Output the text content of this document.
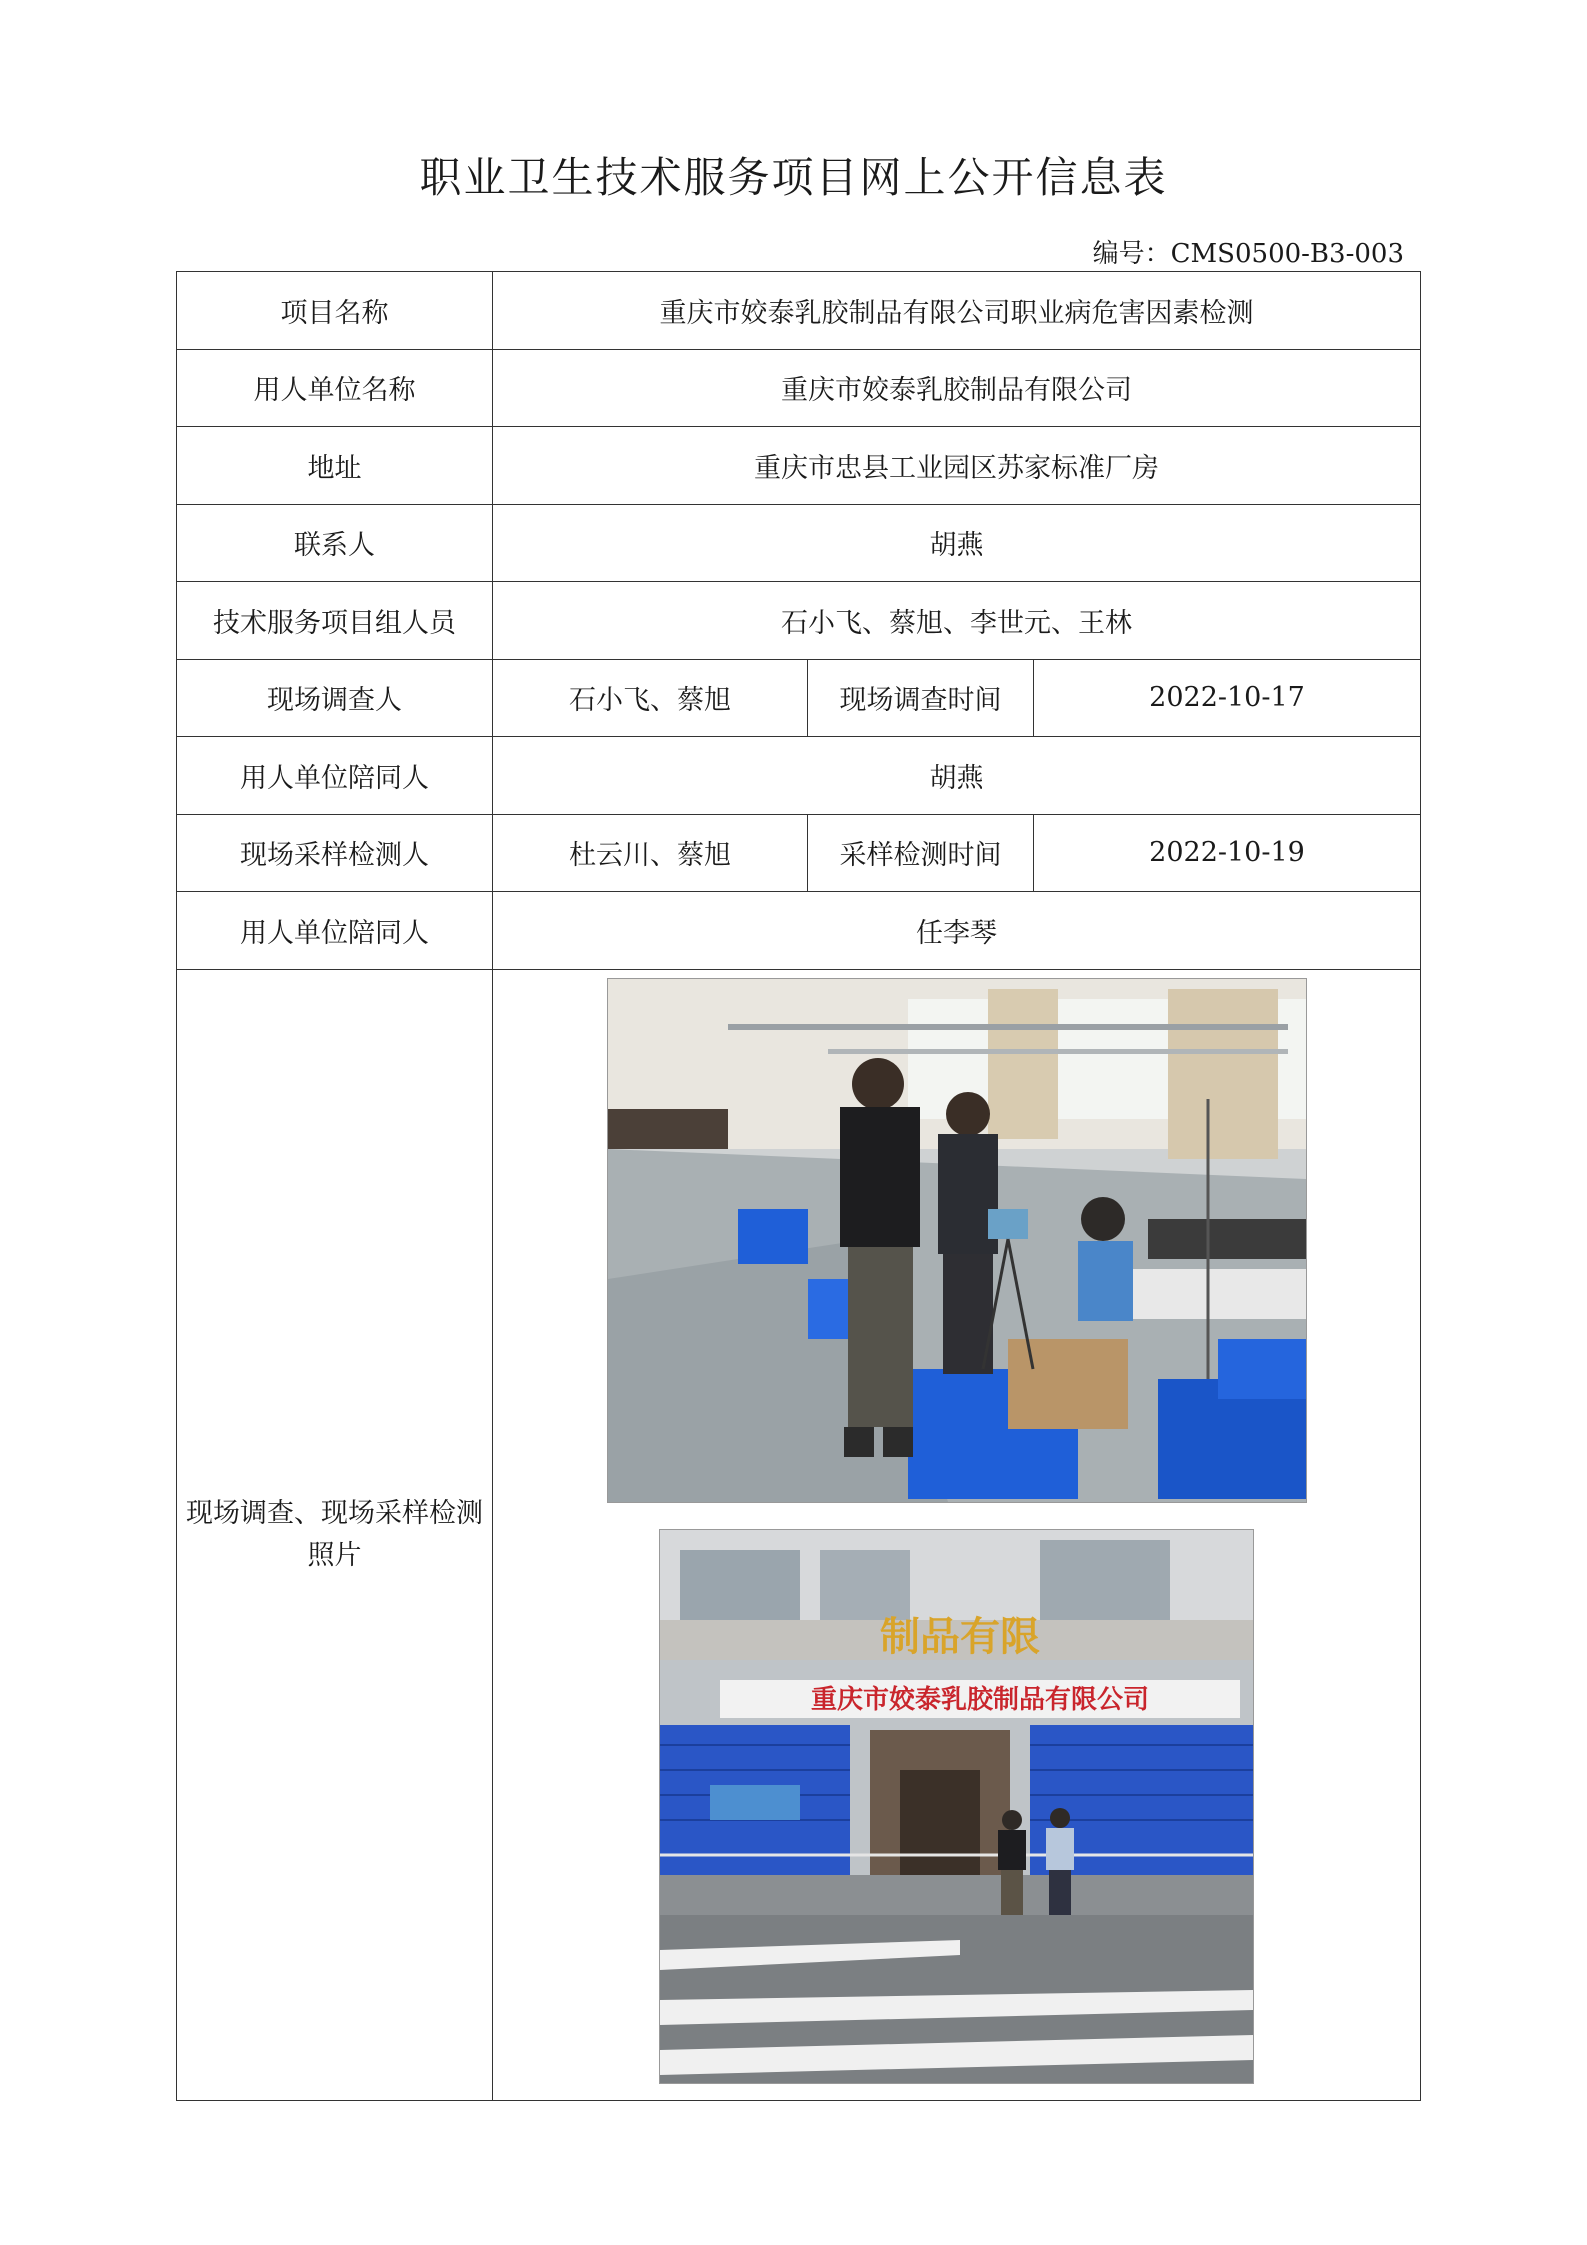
职业卫生技术服务项目网上公开信息表
编号：CMS0500-B3-003
项目名称	重庆市姣泰乳胶制品有限公司职业病危害因素检测		
用人单位名称	重庆市姣泰乳胶制品有限公司		
地址	重庆市忠县工业园区苏家标准厂房		
联系人	胡燕		
技术服务项目组人员	石小飞、蔡旭、李世元、王林		
现场调查人	石小飞、蔡旭	现场调查时间	2022-10-17
用人单位陪同人	胡燕		
现场采样检测人	杜云川、蔡旭	采样检测时间	2022-10-19
用人单位陪同人	任李琴		
现场调查、现场采样检测照片	制品有限
重庆市姣泰乳胶制品有限公司		
